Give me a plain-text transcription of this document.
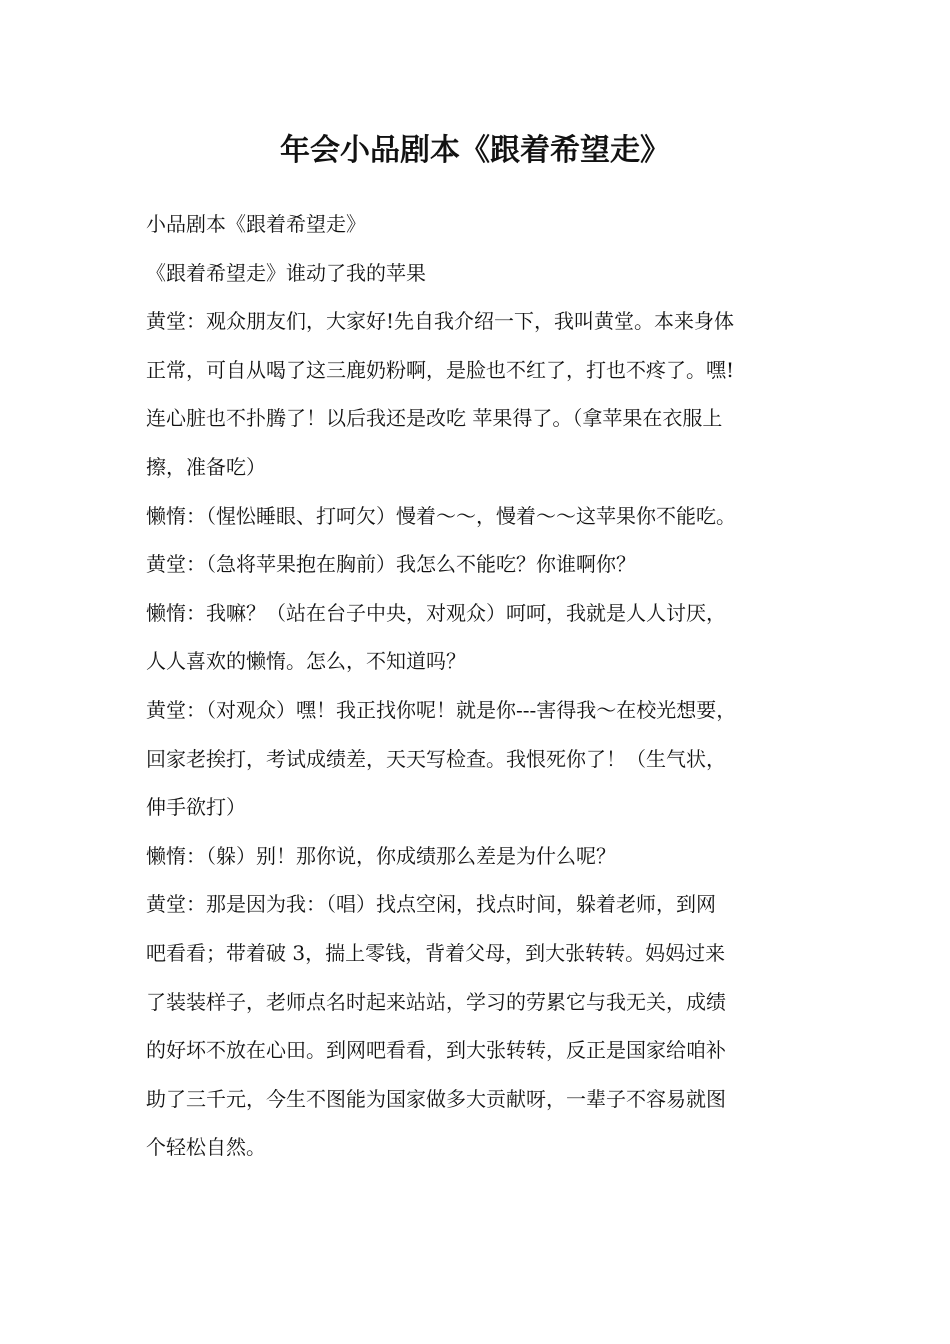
年会小品剧本《跟着希望走》
小品剧本《跟着希望走》
《跟着希望走》谁动了我的苹果
黄堂：观众朋友们，大家好!先自我介绍一下，我叫黄堂。本来身体
正常，可自从喝了这三鹿奶粉啊，是脸也不红了，打也不疼了。嘿!
连心脏也不扑腾了！以后我还是改吃 苹果得了。（拿苹果在衣服上
擦，准备吃）
懒惰：（惺忪睡眼、打呵欠）慢着～～，慢着～～这苹果你不能吃。
黄堂：（急将苹果抱在胸前）我怎么不能吃？你谁啊你？
懒惰：我嘛？（站在台子中央，对观众）呵呵，我就是人人讨厌，
人人喜欢的懒惰。怎么，不知道吗？
黄堂：（对观众）嘿！我正找你呢！就是你---害得我～在校光想要，
回家老挨打，考试成绩差，天天写检查。我恨死你了！（生气状，
伸手欲打）
懒惰：（躲）别！那你说，你成绩那么差是为什么呢？
黄堂：那是因为我：（唱）找点空闲，找点时间，躲着老师，到网
吧看看；带着破 3，揣上零钱，背着父母，到大张转转。妈妈过来
了装装样子，老师点名时起来站站，学习的劳累它与我无关，成绩
的好坏不放在心田。到网吧看看，到大张转转，反正是国家给咱补
助了三千元，今生不图能为国家做多大贡献呀，一辈子不容易就图
个轻松自然。
